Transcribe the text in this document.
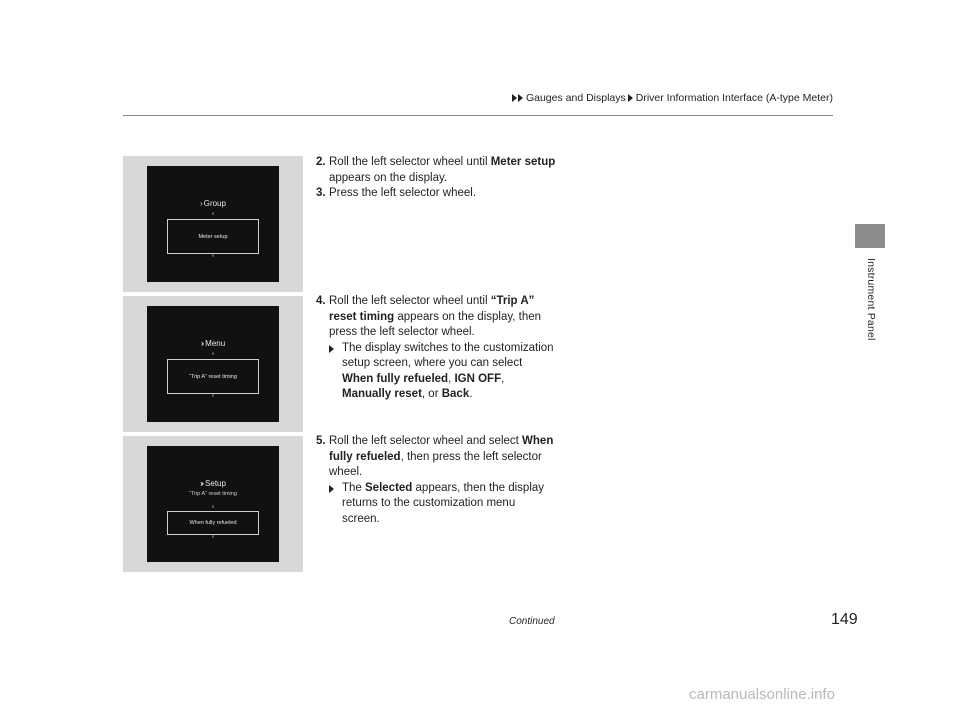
Gauges and Displays Driver Information Interface (A-type Meter)
Instrument Panel
› Group
∧
Meter setup
∨
›› Menu
∧
“Trip A” reset timing
∨
››› Setup
“Trip A” reset timing
∧
When fully refueled
∨
2. Roll the left selector wheel until Meter setup appears on the display.
3. Press the left selector wheel.
4. Roll the left selector wheel until “Trip A” reset timing appears on the display, then press the left selector wheel.
The display switches to the customization setup screen, where you can select When fully refueled, IGN OFF, Manually reset, or Back.
5. Roll the left selector wheel and select When fully refueled, then press the left selector wheel.
The Selected appears, then the display returns to the customization menu screen.
Continued	149
carmanualsonline.info
